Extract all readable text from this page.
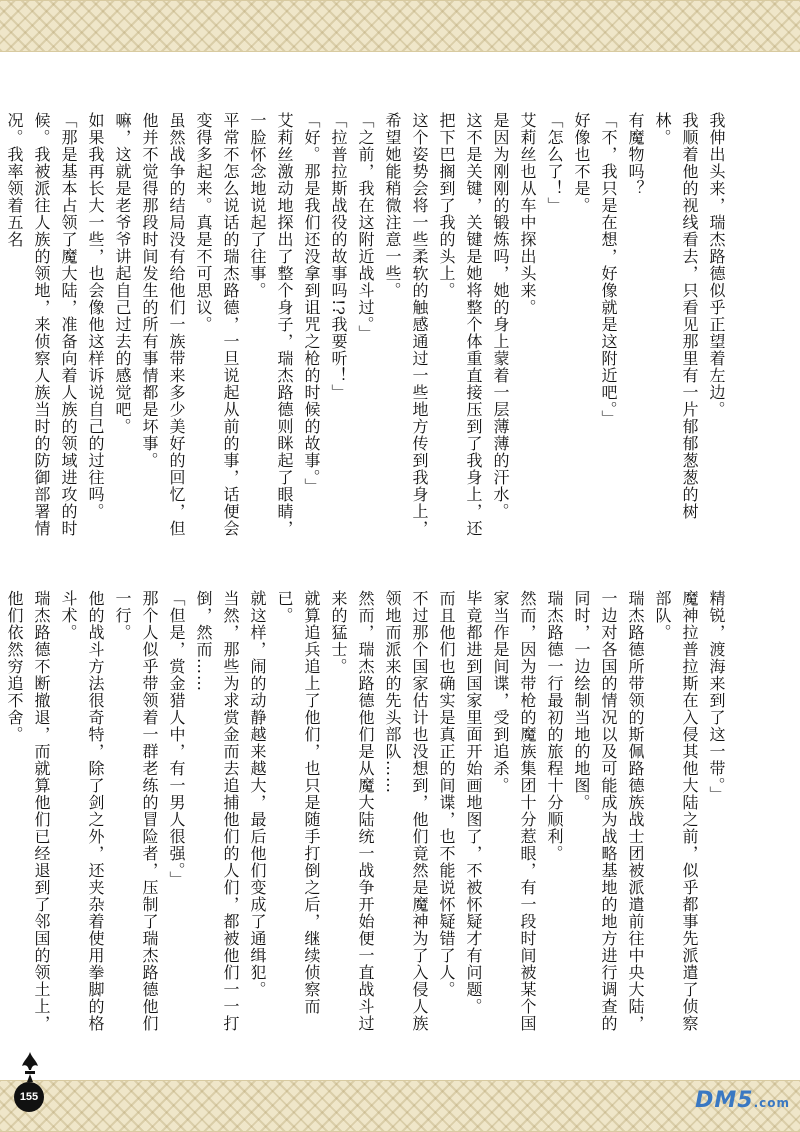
我伸出头来，瑞杰路德似乎正望着左边。

我顺着他的视线看去，只看见那里有一片郁郁葱葱的树林。

有魔物吗？

「不，我只是在想，好像就是这附近吧。」

好像也不是。

「怎么了！」

艾莉丝也从车中探出头来。

是因为刚刚的锻炼吗，她的身上蒙着一层薄薄的汗水。

这不是关键，关键是她将整个体重直接压到了我身上，还把下巴搁到了我的头上。

这个姿势会将一些柔软的触感通过一些地方传到我身上，希望她能稍微注意一些。

「之前，我在这附近战斗过。」

「拉普拉斯战役的故事吗!?我要听！」

「好。那是我们还没拿到诅咒之枪的时候的故事。」

艾莉丝激动地探出了整个身子，瑞杰路德则眯起了眼睛，一脸怀念地说起了往事。

平常不怎么说话的瑞杰路德，一旦说起从前的事，话便会变得多起来。真是不可思议。

虽然战争的结局没有给他们一族带来多少美好的回忆，但他并不觉得那段时间发生的所有事情都是坏事。

嘛，这就是老爷爷讲起自己过去的感觉吧。

如果我再长大一些，也会像他这样诉说自己的过往吗。

「那是基本占领了魔大陆，准备向着人族的领域进攻的时候。我被派往人族的领地，来侦察人族当时的防御部署情况。我率领着五名

精锐，渡海来到了这一带。」

魔神拉普拉斯在入侵其他大陆之前，似乎都事先派遣了侦察部队。

瑞杰路德所带领的斯佩路德族战士团被派遣前往中央大陆，一边对各国的情况以及可能成为战略基地的地方进行调查的同时，一边绘制当地的地图。

瑞杰路德一行最初的旅程十分顺利。

然而，因为带枪的魔族集团十分惹眼，有一段时间被某个国家当作是间谍，受到追杀。

毕竟都进到国家里面开始画地图了，不被怀疑才有问题。

而且他们也确实是真正的间谍，也不能说怀疑错了人。

不过那个国家估计也没想到，他们竟然是魔神为了入侵人族领地而派来的先头部队……

然而，瑞杰路德他们是从魔大陆统一战争开始便一直战斗过来的猛士。

就算追兵追上了他们，也只是随手打倒之后，继续侦察而已。

就这样，闹的动静越来越大，最后他们变成了通缉犯。

当然，那些为求赏金而去追捕他们的人们，都被他们一一打倒，然而……

「但是，赏金猎人中，有一男人很强。」

那个人似乎带领着一群老练的冒险者，压制了瑞杰路德他们一行。

他的战斗方法很奇特，除了剑之外，还夹杂着使用拳脚的格斗术。

瑞杰路德不断撤退，而就算他们已经退到了邻国的领土上，他们依然穷追不舍。

155	DM5.com
